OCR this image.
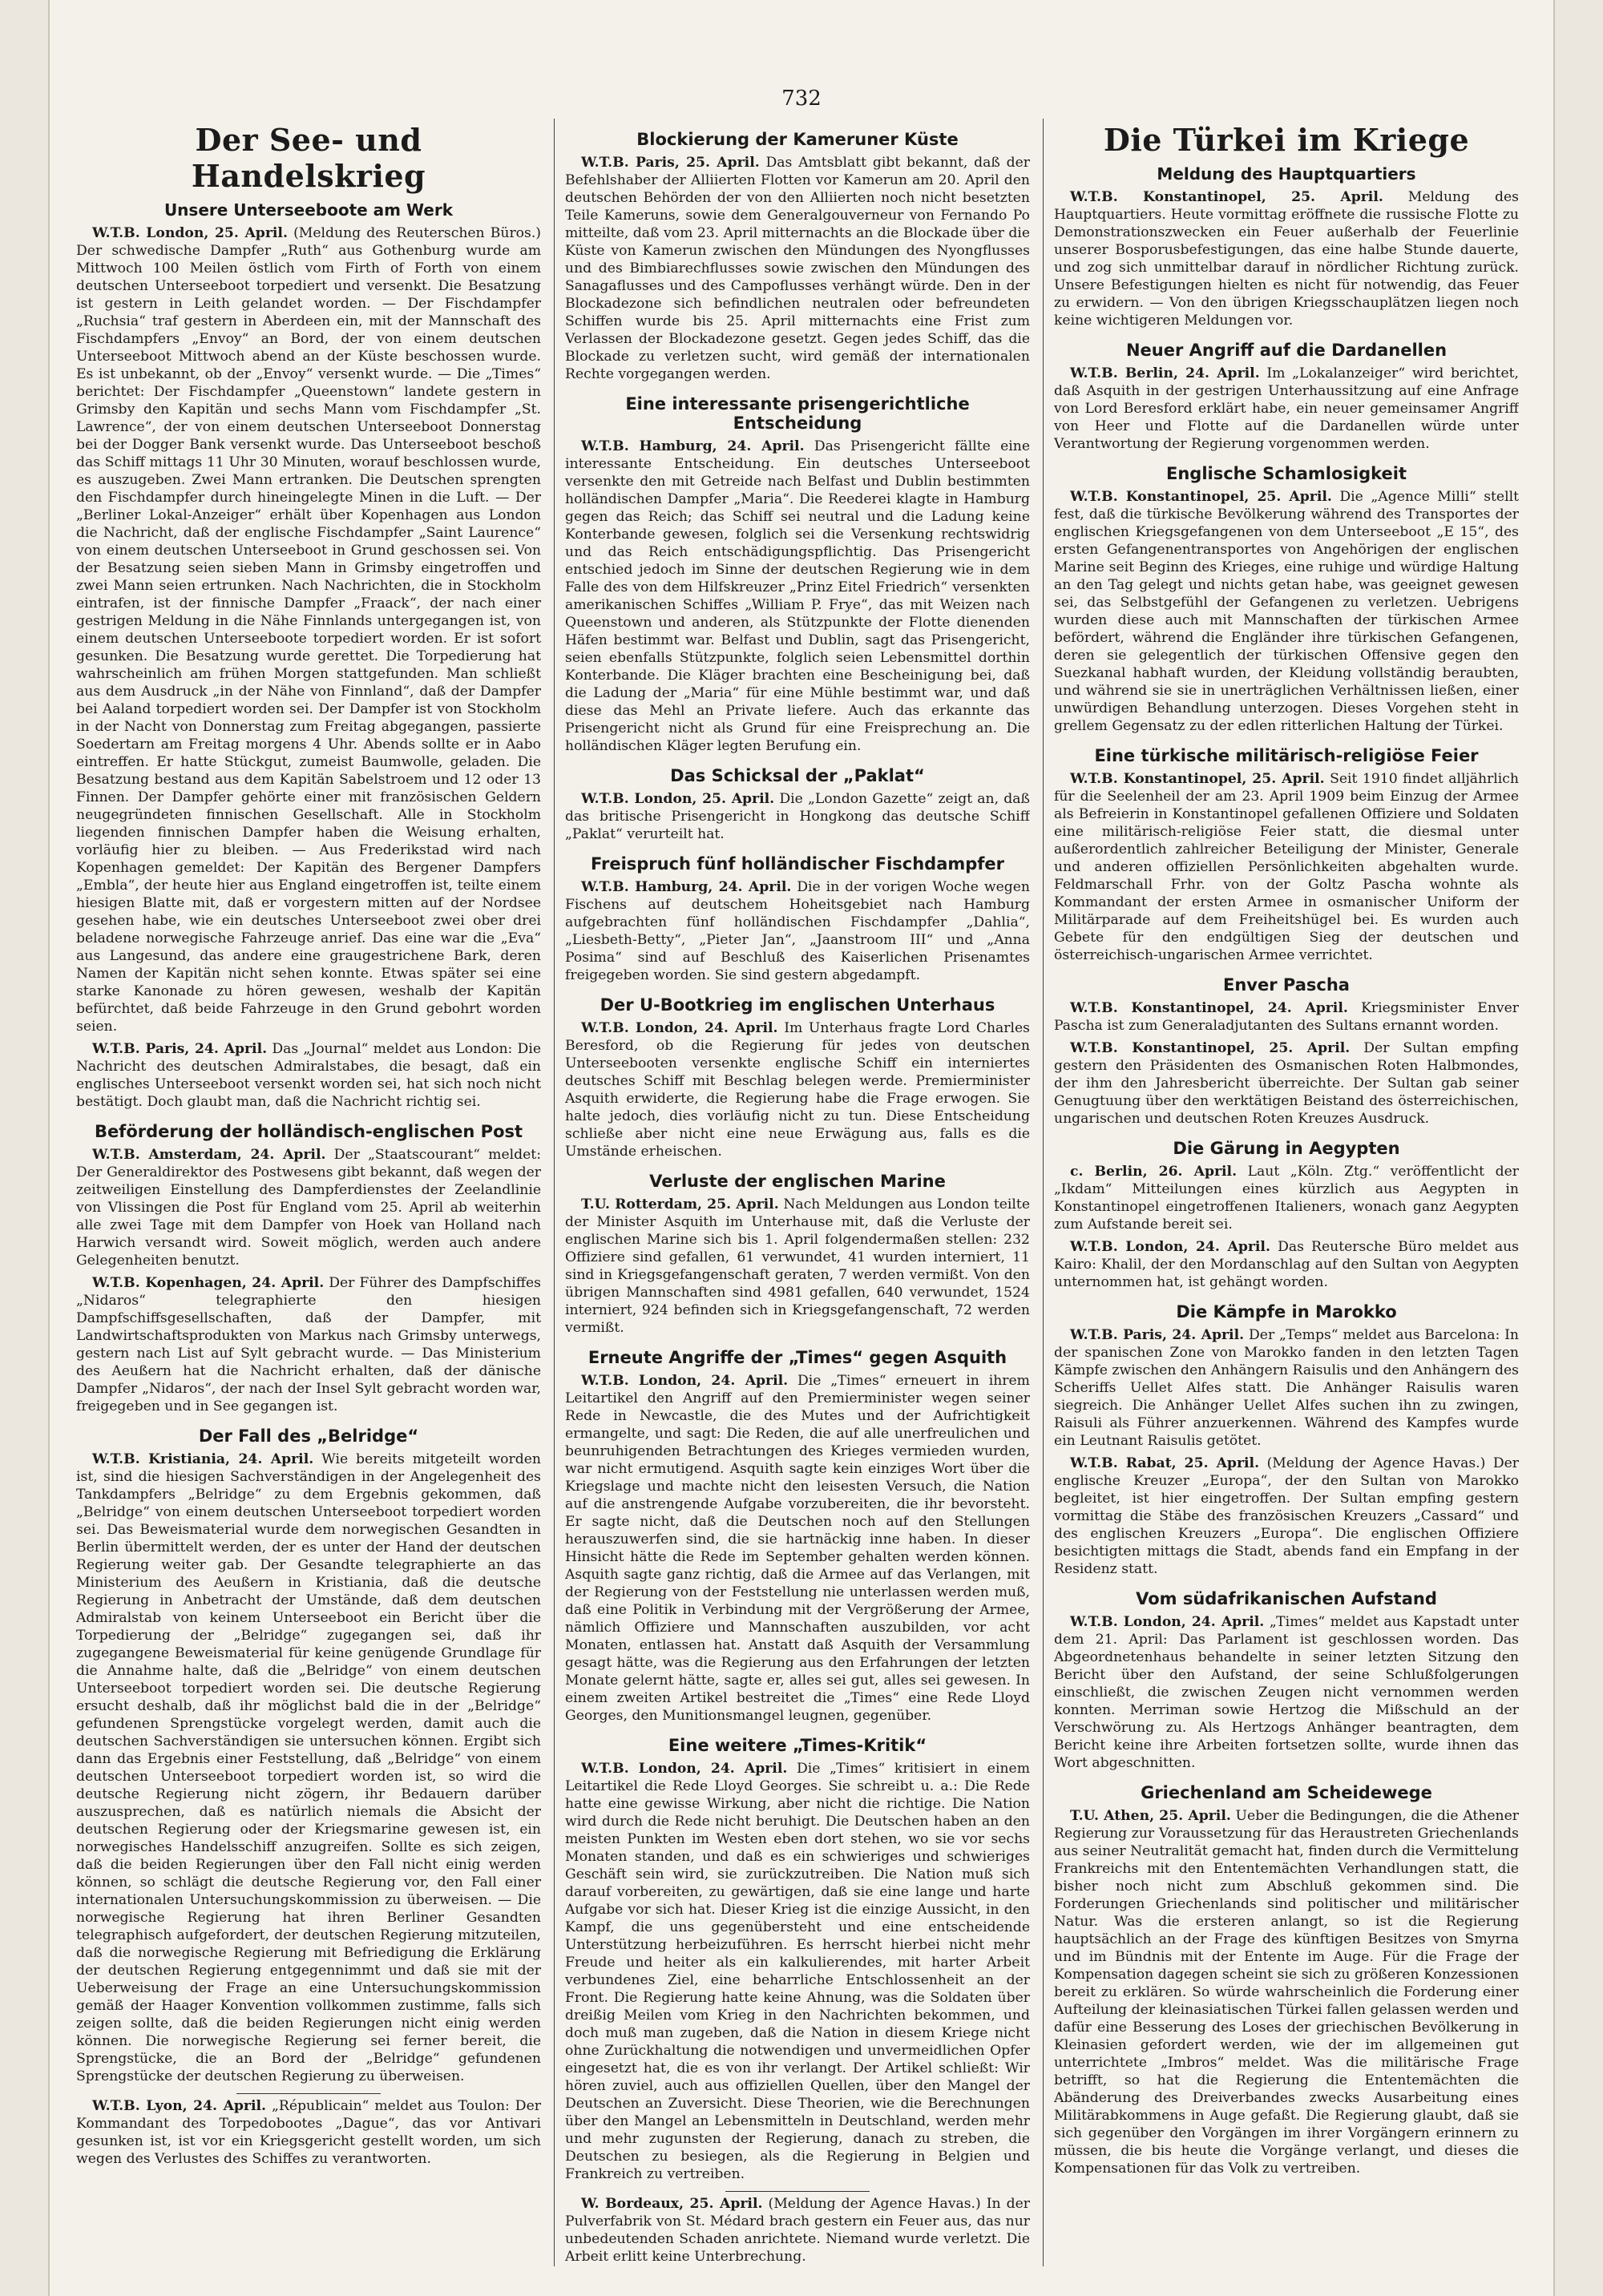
732
Der See- und Handelskrieg
Unsere Unterseeboote am Werk

W.T.B. London, 25. April. (Meldung des Reuterschen Büros.) Der schwedische Dampfer „Ruth“ aus Gothenburg wurde am Mittwoch 100 Meilen östlich vom Firth of Forth von einem deutschen Unterseeboot torpediert und versenkt. Die Besatzung ist gestern in Leith gelandet worden. — Der Fischdampfer „Ruchsia“ traf gestern in Aberdeen ein, mit der Mannschaft des Fischdampfers „Envoy“ an Bord, der von einem deutschen Unterseeboot Mittwoch abend an der Küste beschossen wurde. Es ist unbekannt, ob der „Envoy“ versenkt wurde. — Die „Times“ berichtet: Der Fischdampfer „Queenstown“ landete gestern in Grimsby den Kapitän und sechs Mann vom Fischdampfer „St. Lawrence“, der von einem deutschen Unterseeboot Donnerstag bei der Dogger Bank versenkt wurde. Das Unterseeboot beschoß das Schiff mittags 11 Uhr 30 Minuten, worauf beschlossen wurde, es auszugeben. Zwei Mann ertranken. Die Deutschen sprengten den Fischdampfer durch hineingelegte Minen in die Luft. — Der „Berliner Lokal-Anzeiger“ erhält über Kopenhagen aus London die Nachricht, daß der englische Fischdampfer „Saint Laurence“ von einem deutschen Unterseeboot in Grund geschossen sei. Von der Besatzung seien sieben Mann in Grimsby eingetroffen und zwei Mann seien ertrunken. Nach Nachrichten, die in Stockholm eintrafen, ist der finnische Dampfer „Fraack“, der nach einer gestrigen Meldung in die Nähe Finnlands untergegangen ist, von einem deutschen Unterseeboote torpediert worden. Er ist sofort gesunken. Die Besatzung wurde gerettet. Die Torpedierung hat wahrscheinlich am frühen Morgen stattgefunden. Man schließt aus dem Ausdruck „in der Nähe von Finnland“, daß der Dampfer bei Aaland torpediert worden sei. Der Dampfer ist von Stockholm in der Nacht von Donnerstag zum Freitag abgegangen, passierte Soedertarn am Freitag morgens 4 Uhr. Abends sollte er in Aabo eintreffen. Er hatte Stückgut, zumeist Baumwolle, geladen. Die Besatzung bestand aus dem Kapitän Sabelstroem und 12 oder 13 Finnen. Der Dampfer gehörte einer mit französischen Geldern neugegründeten finnischen Gesellschaft. Alle in Stockholm liegenden finnischen Dampfer haben die Weisung erhalten, vorläufig hier zu bleiben. — Aus Frederikstad wird nach Kopenhagen gemeldet: Der Kapitän des Bergener Dampfers „Embla“, der heute hier aus England eingetroffen ist, teilte einem hiesigen Blatte mit, daß er vorgestern mitten auf der Nordsee gesehen habe, wie ein deutsches Unterseeboot zwei ober drei beladene norwegische Fahrzeuge anrief. Das eine war die „Eva“ aus Langesund, das andere eine graugestrichene Bark, deren Namen der Kapitän nicht sehen konnte. Etwas später sei eine starke Kanonade zu hören gewesen, weshalb der Kapitän befürchtet, daß beide Fahrzeuge in den Grund gebohrt worden seien.

W.T.B. Paris, 24. April. Das „Journal“ meldet aus London: Die Nachricht des deutschen Admiralstabes, die besagt, daß ein englisches Unterseeboot versenkt worden sei, hat sich noch nicht bestätigt. Doch glaubt man, daß die Nachricht richtig sei.

Beförderung der holländisch-englischen Post

W.T.B. Amsterdam, 24. April. Der „Staatscourant“ meldet: Der Generaldirektor des Postwesens gibt bekannt, daß wegen der zeitweiligen Einstellung des Dampferdienstes der Zeelandlinie von Vlissingen die Post für England vom 25. April ab weiterhin alle zwei Tage mit dem Dampfer von Hoek van Holland nach Harwich versandt wird. Soweit möglich, werden auch andere Gelegenheiten benutzt.

W.T.B. Kopenhagen, 24. April. Der Führer des Dampfschiffes „Nidaros“ telegraphierte den hiesigen Dampfschiffsgesellschaften, daß der Dampfer, mit Landwirtschaftsprodukten von Markus nach Grimsby unterwegs, gestern nach List auf Sylt gebracht wurde. — Das Ministerium des Aeußern hat die Nachricht erhalten, daß der dänische Dampfer „Nidaros“, der nach der Insel Sylt gebracht worden war, freigegeben und in See gegangen ist.

Der Fall des „Belridge“

W.T.B. Kristiania, 24. April. Wie bereits mitgeteilt worden ist, sind die hiesigen Sachverständigen in der Angelegenheit des Tankdampfers „Belridge“ zu dem Ergebnis gekommen, daß „Belridge“ von einem deutschen Unterseeboot torpediert worden sei. Das Beweismaterial wurde dem norwegischen Gesandten in Berlin übermittelt werden, der es unter der Hand der deutschen Regierung weiter gab. Der Gesandte telegraphierte an das Ministerium des Aeußern in Kristiania, daß die deutsche Regierung in Anbetracht der Umstände, daß dem deutschen Admiralstab von keinem Unterseeboot ein Bericht über die Torpedierung der „Belridge“ zugegangen sei, daß ihr zugegangene Beweismaterial für keine genügende Grundlage für die Annahme halte, daß die „Belridge“ von einem deutschen Unterseeboot torpediert worden sei. Die deutsche Regierung ersucht deshalb, daß ihr möglichst bald die in der „Belridge“ gefundenen Sprengstücke vorgelegt werden, damit auch die deutschen Sachverständigen sie untersuchen können. Ergibt sich dann das Ergebnis einer Feststellung, daß „Belridge“ von einem deutschen Unterseeboot torpediert worden ist, so wird die deutsche Regierung nicht zögern, ihr Bedauern darüber auszusprechen, daß es natürlich niemals die Absicht der deutschen Regierung oder der Kriegsmarine gewesen ist, ein norwegisches Handelsschiff anzugreifen. Sollte es sich zeigen, daß die beiden Regierungen über den Fall nicht einig werden können, so schlägt die deutsche Regierung vor, den Fall einer internationalen Untersuchungskommission zu überweisen. — Die norwegische Regierung hat ihren Berliner Gesandten telegraphisch aufgefordert, der deutschen Regierung mitzuteilen, daß die norwegische Regierung mit Befriedigung die Erklärung der deutschen Regierung entgegennimmt und daß sie mit der Ueberweisung der Frage an eine Untersuchungskommission gemäß der Haager Konvention vollkommen zustimme, falls sich zeigen sollte, daß die beiden Regierungen nicht einig werden können. Die norwegische Regierung sei ferner bereit, die Sprengstücke, die an Bord der „Belridge“ gefundenen Sprengstücke der deutschen Regierung zu überweisen.

W.T.B. Lyon, 24. April. „Républicain“ meldet aus Toulon: Der Kommandant des Torpedobootes „Dague“, das vor Antivari gesunken ist, ist vor ein Kriegsgericht gestellt worden, um sich wegen des Verlustes des Schiffes zu verantworten.

Blockierung der Kameruner Küste

W.T.B. Paris, 25. April. Das Amtsblatt gibt bekannt, daß der Befehlshaber der Alliierten Flotten vor Kamerun am 20. April den deutschen Behörden der von den Alliierten noch nicht besetzten Teile Kameruns, sowie dem Generalgouverneur von Fernando Po mitteilte, daß vom 23. April mitternachts an die Blockade über die Küste von Kamerun zwischen den Mündungen des Nyongflusses und des Bimbiarechflusses sowie zwischen den Mündungen des Sanagaflusses und des Campoflusses verhängt würde. Den in der Blockadezone sich befindlichen neutralen oder befreundeten Schiffen wurde bis 25. April mitternachts eine Frist zum Verlassen der Blockadezone gesetzt. Gegen jedes Schiff, das die Blockade zu verletzen sucht, wird gemäß der internationalen Rechte vorgegangen werden.

Eine interessante prisengerichtliche Entscheidung

W.T.B. Hamburg, 24. April. Das Prisengericht fällte eine interessante Entscheidung. Ein deutsches Unterseeboot versenkte den mit Getreide nach Belfast und Dublin bestimmten holländischen Dampfer „Maria“. Die Reederei klagte in Hamburg gegen das Reich; das Schiff sei neutral und die Ladung keine Konterbande gewesen, folglich sei die Versenkung rechtswidrig und das Reich entschädigungspflichtig. Das Prisengericht entschied jedoch im Sinne der deutschen Regierung wie in dem Falle des von dem Hilfskreuzer „Prinz Eitel Friedrich“ versenkten amerikanischen Schiffes „William P. Frye“, das mit Weizen nach Queenstown und anderen, als Stützpunkte der Flotte dienenden Häfen bestimmt war. Belfast und Dublin, sagt das Prisengericht, seien ebenfalls Stützpunkte, folglich seien Lebensmittel dorthin Konterbande. Die Kläger brachten eine Bescheinigung bei, daß die Ladung der „Maria“ für eine Mühle bestimmt war, und daß diese das Mehl an Private liefere. Auch das erkannte das Prisengericht nicht als Grund für eine Freisprechung an. Die holländischen Kläger legten Berufung ein.

Das Schicksal der „Paklat“

W.T.B. London, 25. April. Die „London Gazette“ zeigt an, daß das britische Prisengericht in Hongkong das deutsche Schiff „Paklat“ verurteilt hat.

Freispruch fünf holländischer Fischdampfer

W.T.B. Hamburg, 24. April. Die in der vorigen Woche wegen Fischens auf deutschem Hoheitsgebiet nach Hamburg aufgebrachten fünf holländischen Fischdampfer „Dahlia“, „Liesbeth-Betty“, „Pieter Jan“, „Jaanstroom III“ und „Anna Posima“ sind auf Beschluß des Kaiserlichen Prisenamtes freigegeben worden. Sie sind gestern abgedampft.

Der U-Bootkrieg im englischen Unterhaus

W.T.B. London, 24. April. Im Unterhaus fragte Lord Charles Beresford, ob die Regierung für jedes von deutschen Unterseebooten versenkte englische Schiff ein interniertes deutsches Schiff mit Beschlag belegen werde. Premierminister Asquith erwiderte, die Regierung habe die Frage erwogen. Sie halte jedoch, dies vorläufig nicht zu tun. Diese Entscheidung schließe aber nicht eine neue Erwägung aus, falls es die Umstände erheischen.

Verluste der englischen Marine

T.U. Rotterdam, 25. April. Nach Meldungen aus London teilte der Minister Asquith im Unterhause mit, daß die Verluste der englischen Marine sich bis 1. April folgendermaßen stellen: 232 Offiziere sind gefallen, 61 verwundet, 41 wurden interniert, 11 sind in Kriegsgefangenschaft geraten, 7 werden vermißt. Von den übrigen Mannschaften sind 4981 gefallen, 640 verwundet, 1524 interniert, 924 befinden sich in Kriegsgefangenschaft, 72 werden vermißt.

Erneute Angriffe der „Times“ gegen Asquith

W.T.B. London, 24. April. Die „Times“ erneuert in ihrem Leitartikel den Angriff auf den Premierminister wegen seiner Rede in Newcastle, die des Mutes und der Aufrichtigkeit ermangelte, und sagt: Die Reden, die auf alle unerfreulichen und beunruhigenden Betrachtungen des Krieges vermieden wurden, war nicht ermutigend. Asquith sagte kein einziges Wort über die Kriegslage und machte nicht den leisesten Versuch, die Nation auf die anstrengende Aufgabe vorzubereiten, die ihr bevorsteht. Er sagte nicht, daß die Deutschen noch auf den Stellungen herauszuwerfen sind, die sie hartnäckig inne haben. In dieser Hinsicht hätte die Rede im September gehalten werden können. Asquith sagte ganz richtig, daß die Armee auf das Verlangen, mit der Regierung von der Feststellung nie unterlassen werden muß, daß eine Politik in Verbindung mit der Vergrößerung der Armee, nämlich Offiziere und Mannschaften auszubilden, vor acht Monaten, entlassen hat. Anstatt daß Asquith der Versammlung gesagt hätte, was die Regierung aus den Erfahrungen der letzten Monate gelernt hätte, sagte er, alles sei gut, alles sei gewesen. In einem zweiten Artikel bestreitet die „Times“ eine Rede Lloyd Georges, den Munitionsmangel leugnen, gegenüber.

Eine weitere „Times-Kritik“

W.T.B. London, 24. April. Die „Times“ kritisiert in einem Leitartikel die Rede Lloyd Georges. Sie schreibt u. a.: Die Rede hatte eine gewisse Wirkung, aber nicht die richtige. Die Nation wird durch die Rede nicht beruhigt. Die Deutschen haben an den meisten Punkten im Westen eben dort stehen, wo sie vor sechs Monaten standen, und daß es ein schwieriges und schwieriges Geschäft sein wird, sie zurückzutreiben. Die Nation muß sich darauf vorbereiten, zu gewärtigen, daß sie eine lange und harte Aufgabe vor sich hat. Dieser Krieg ist die einzige Aussicht, in den Kampf, die uns gegenübersteht und eine entscheidende Unterstützung herbeizuführen. Es herrscht hierbei nicht mehr Freude und heiter als ein kalkulierendes, mit harter Arbeit verbundenes Ziel, eine beharrliche Entschlossenheit an der Front. Die Regierung hatte keine Ahnung, was die Soldaten über dreißig Meilen vom Krieg in den Nachrichten bekommen, und doch muß man zugeben, daß die Nation in diesem Kriege nicht ohne Zurückhaltung die notwendigen und unvermeidlichen Opfer eingesetzt hat, die es von ihr verlangt. Der Artikel schließt: Wir hören zuviel, auch aus offiziellen Quellen, über den Mangel der Deutschen an Zuversicht. Diese Theorien, wie die Berechnungen über den Mangel an Lebensmitteln in Deutschland, werden mehr und mehr zugunsten der Regierung, danach zu streben, die Deutschen zu besiegen, als die Regierung in Belgien und Frankreich zu vertreiben.

W. Bordeaux, 25. April. (Meldung der Agence Havas.) In der Pulverfabrik von St. Médard brach gestern ein Feuer aus, das nur unbedeutenden Schaden anrichtete. Niemand wurde verletzt. Die Arbeit erlitt keine Unterbrechung.

Die Türkei im Kriege
Meldung des Hauptquartiers

W.T.B. Konstantinopel, 25. April. Meldung des Hauptquartiers. Heute vormittag eröffnete die russische Flotte zu Demonstrationszwecken ein Feuer außerhalb der Feuerlinie unserer Bosporusbefestigungen, das eine halbe Stunde dauerte, und zog sich unmittelbar darauf in nördlicher Richtung zurück. Unsere Befestigungen hielten es nicht für notwendig, das Feuer zu erwidern. — Von den übrigen Kriegsschauplätzen liegen noch keine wichtigeren Meldungen vor.

Neuer Angriff auf die Dardanellen

W.T.B. Berlin, 24. April. Im „Lokalanzeiger“ wird berichtet, daß Asquith in der gestrigen Unterhaussitzung auf eine Anfrage von Lord Beresford erklärt habe, ein neuer gemeinsamer Angriff von Heer und Flotte auf die Dardanellen würde unter Verantwortung der Regierung vorgenommen werden.

Englische Schamlosigkeit

W.T.B. Konstantinopel, 25. April. Die „Agence Milli“ stellt fest, daß die türkische Bevölkerung während des Transportes der englischen Kriegsgefangenen von dem Unterseeboot „E 15“, des ersten Gefangenentransportes von Angehörigen der englischen Marine seit Beginn des Krieges, eine ruhige und würdige Haltung an den Tag gelegt und nichts getan habe, was geeignet gewesen sei, das Selbstgefühl der Gefangenen zu verletzen. Uebrigens wurden diese auch mit Mannschaften der türkischen Armee befördert, während die Engländer ihre türkischen Gefangenen, deren sie gelegentlich der türkischen Offensive gegen den Suezkanal habhaft wurden, der Kleidung vollständig beraubten, und während sie sie in unerträglichen Verhältnissen ließen, einer unwürdigen Behandlung unterzogen. Dieses Vorgehen steht in grellem Gegensatz zu der edlen ritterlichen Haltung der Türkei.

Eine türkische militärisch-religiöse Feier

W.T.B. Konstantinopel, 25. April. Seit 1910 findet alljährlich für die Seelenheil der am 23. April 1909 beim Einzug der Armee als Befreierin in Konstantinopel gefallenen Offiziere und Soldaten eine militärisch-religiöse Feier statt, die diesmal unter außerordentlich zahlreicher Beteiligung der Minister, Generale und anderen offiziellen Persönlichkeiten abgehalten wurde. Feldmarschall Frhr. von der Goltz Pascha wohnte als Kommandant der ersten Armee in osmanischer Uniform der Militärparade auf dem Freiheitshügel bei. Es wurden auch Gebete für den endgültigen Sieg der deutschen und österreichisch-ungarischen Armee verrichtet.

Enver Pascha

W.T.B. Konstantinopel, 24. April. Kriegsminister Enver Pascha ist zum Generaladjutanten des Sultans ernannt worden.

W.T.B. Konstantinopel, 25. April. Der Sultan empfing gestern den Präsidenten des Osmanischen Roten Halbmondes, der ihm den Jahresbericht überreichte. Der Sultan gab seiner Genugtuung über den werktätigen Beistand des österreichischen, ungarischen und deutschen Roten Kreuzes Ausdruck.

Die Gärung in Aegypten

c. Berlin, 26. April. Laut „Köln. Ztg.“ veröffentlicht der „Ikdam“ Mitteilungen eines kürzlich aus Aegypten in Konstantinopel eingetroffenen Italieners, wonach ganz Aegypten zum Aufstande bereit sei.

W.T.B. London, 24. April. Das Reutersche Büro meldet aus Kairo: Khalil, der den Mordanschlag auf den Sultan von Aegypten unternommen hat, ist gehängt worden.

Die Kämpfe in Marokko

W.T.B. Paris, 24. April. Der „Temps“ meldet aus Barcelona: In der spanischen Zone von Marokko fanden in den letzten Tagen Kämpfe zwischen den Anhängern Raisulis und den Anhängern des Scheriffs Uellet Alfes statt. Die Anhänger Raisulis waren siegreich. Die Anhänger Uellet Alfes suchen ihn zu zwingen, Raisuli als Führer anzuerkennen. Während des Kampfes wurde ein Leutnant Raisulis getötet.

W.T.B. Rabat, 25. April. (Meldung der Agence Havas.) Der englische Kreuzer „Europa“, der den Sultan von Marokko begleitet, ist hier eingetroffen. Der Sultan empfing gestern vormittag die Stäbe des französischen Kreuzers „Cassard“ und des englischen Kreuzers „Europa“. Die englischen Offiziere besichtigten mittags die Stadt, abends fand ein Empfang in der Residenz statt.

Vom südafrikanischen Aufstand

W.T.B. London, 24. April. „Times“ meldet aus Kapstadt unter dem 21. April: Das Parlament ist geschlossen worden. Das Abgeordnetenhaus behandelte in seiner letzten Sitzung den Bericht über den Aufstand, der seine Schlußfolgerungen einschließt, die zwischen Zeugen nicht vernommen werden konnten. Merriman sowie Hertzog die Mißschuld an der Verschwörung zu. Als Hertzogs Anhänger beantragten, dem Bericht keine ihre Arbeiten fortsetzen sollte, wurde ihnen das Wort abgeschnitten.

Griechenland am Scheidewege

T.U. Athen, 25. April. Ueber die Bedingungen, die die Athener Regierung zur Voraussetzung für das Heraustreten Griechenlands aus seiner Neutralität gemacht hat, finden durch die Vermittelung Frankreichs mit den Ententemächten Verhandlungen statt, die bisher noch nicht zum Abschluß gekommen sind. Die Forderungen Griechenlands sind politischer und militärischer Natur. Was die ersteren anlangt, so ist die Regierung hauptsächlich an der Frage des künftigen Besitzes von Smyrna und im Bündnis mit der Entente im Auge. Für die Frage der Kompensation dagegen scheint sie sich zu größeren Konzessionen bereit zu erklären. So würde wahrscheinlich die Forderung einer Aufteilung der kleinasiatischen Türkei fallen gelassen werden und dafür eine Besserung des Loses der griechischen Bevölkerung in Kleinasien gefordert werden, wie der im allgemeinen gut unterrichtete „Imbros“ meldet. Was die militärische Frage betrifft, so hat die Regierung die Ententemächten die Abänderung des Dreiverbandes zwecks Ausarbeitung eines Militärabkommens in Auge gefaßt. Die Regierung glaubt, daß sie sich gegenüber den Vorgängen im ihrer Vorgängern erinnern zu müssen, die bis heute die Vorgänge verlangt, und dieses die Kompensationen für das Volk zu vertreiben.
